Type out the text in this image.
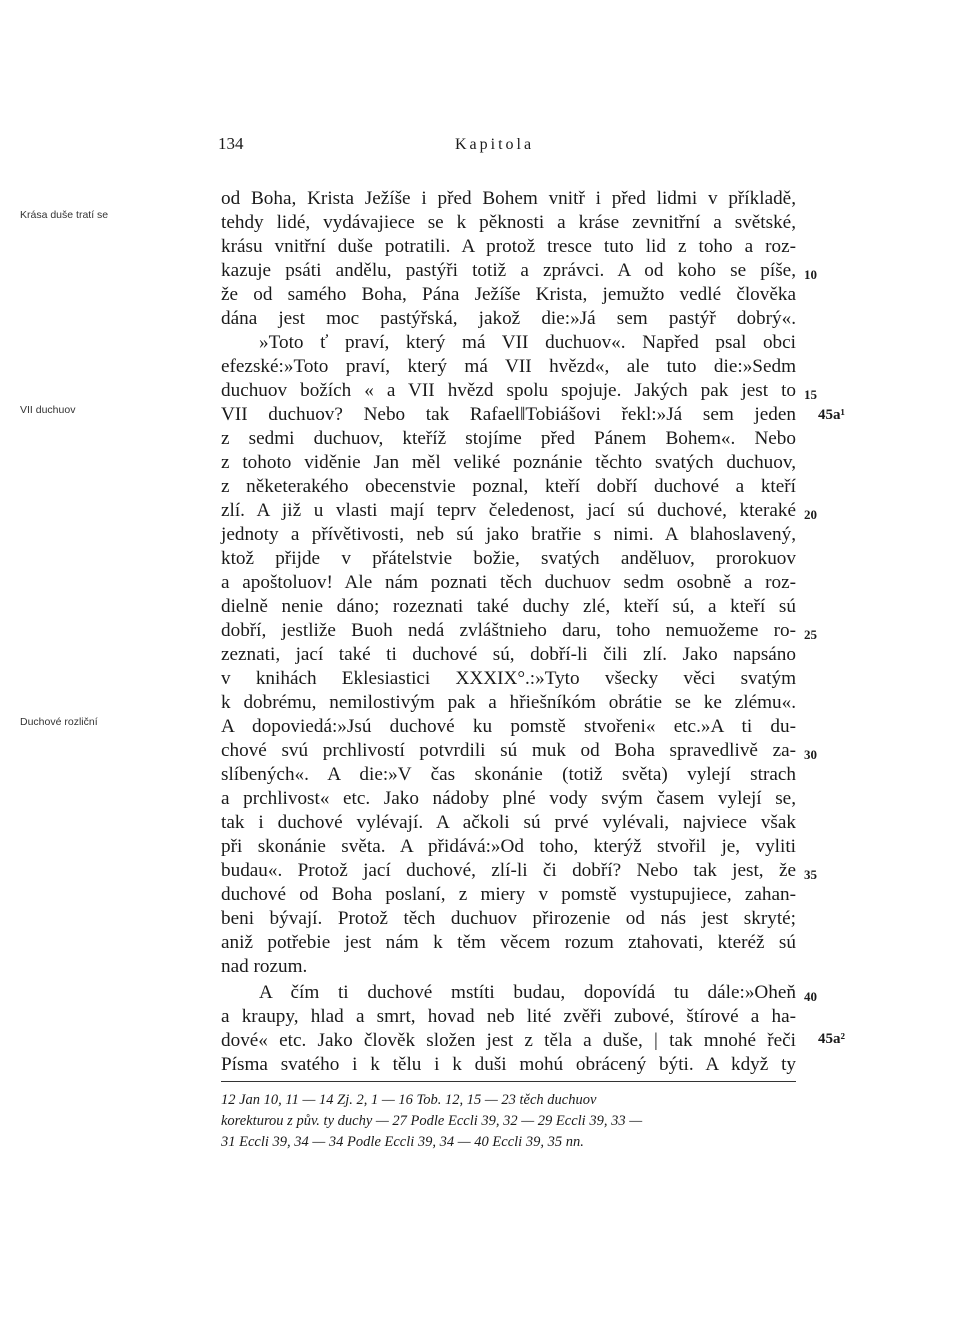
134	Kapitola
od Boha, Krista Ježíše i před Bohem vnitř i před lidmi v příkladě,
tehdy lidé, vydávajiece se k pěknosti a kráse zevnitřní a světské,
krásu vnitřní duše potratili. A protož tresce tuto lid z toho a roz-
kazuje psáti andělu, pastýři totiž a zprávci. A od koho se píše,
že od samého Boha, Pána Ježíše Krista, jemužto vedlé člověka
dána jest moc pastýřská, jakož die:»Já sem pastýř dobrý«.
»Toto ť praví, který má VII duchuov«. Napřed psal obci
efezské:»Toto praví, který má VII hvězd«, ale tuto die:»Sedm
duchuov božích « a VII hvězd spolu spojuje. Jakých pak jest to
VII duchuov? Nebo tak Rafael‖Tobiášovi řekl:»Já sem jeden
z sedmi duchuov, kteříž stojíme před Pánem Bohem«. Nebo
z tohoto viděnie Jan měl veliké poznánie těchto svatých duchuov,
z něketerakého obecenstvie poznal, kteří dobří duchové a kteří
zlí. A již u vlasti mají teprv čeledenost, jací sú duchové, kteraké
jednoty a přívětivosti, neb sú jako bratřie s nimi. A blahoslavený,
ktož přijde v přátelstvie božie, svatých anděluov, prorokuov
a apoštoluov! Ale nám poznati těch duchuov sedm osobně a roz-
dielně nenie dáno; rozeznati také duchy zlé, kteří sú, a kteří sú
dobří, jestliže Buoh nedá zvláštnieho daru, toho nemuožeme ro-
zeznati, jací také ti duchové sú, dobří-li čili zlí. Jako napsáno
v knihách Eklesiastici XXXIX°.:»Tyto všecky věci svatým
k dobrému, nemilostivým pak a hřiešníkóm obrátie se ke zlému«.
A dopoviedá:»Jsú duchové ku pomstě stvořeni« etc.»A ti du-
chové svú prchlivostí potvrdili sú muk od Boha spravedlivě za-
slíbených«. A die:»V čas skonánie (totiž světa) vylejí strach
a prchlivost« etc. Jako nádoby plné vody svým časem vylejí se,
tak i duchové vylévají. A ačkoli sú prvé vylévali, najviece však
při skonánie světa. A přidává:»Od toho, kterýž stvořil je, vyliti
budau«. Protož jací duchové, zlí-li či dobří? Nebo tak jest, že
duchové od Boha poslaní, z miery v pomstě vystupujiece, zahan-
beni bývají. Protož těch duchuov přirozenie od nás jest skryté;
aniž potřebie jest nám k těm věcem rozum ztahovati, kteréž sú
nad rozum.
A čím ti duchové mstíti budau, dopovídá tu dále:»Oheň
a kraupy, hlad a smrt, hovad neb lité zvěři zubové, štírové a ha-
dové« etc. Jako člověk složen jest z těla a duše, | tak mnohé řeči
Písma svatého i k tělu i k duši mohú obrácený býti. A když ty
Krása duše tratí se
VII duchuov
Duchové rozliční
10
15
20
25
30
35
40
45a¹
45a²
12 Jan 10, 11 — 14 Zj. 2, 1 — 16 Tob. 12, 15 — 23 těch duchuov
korekturou z pův. ty duchy — 27 Podle Eccli 39, 32 — 29 Eccli 39, 33 —
31 Eccli 39, 34 — 34 Podle Eccli 39, 34 — 40 Eccli 39, 35 nn.
